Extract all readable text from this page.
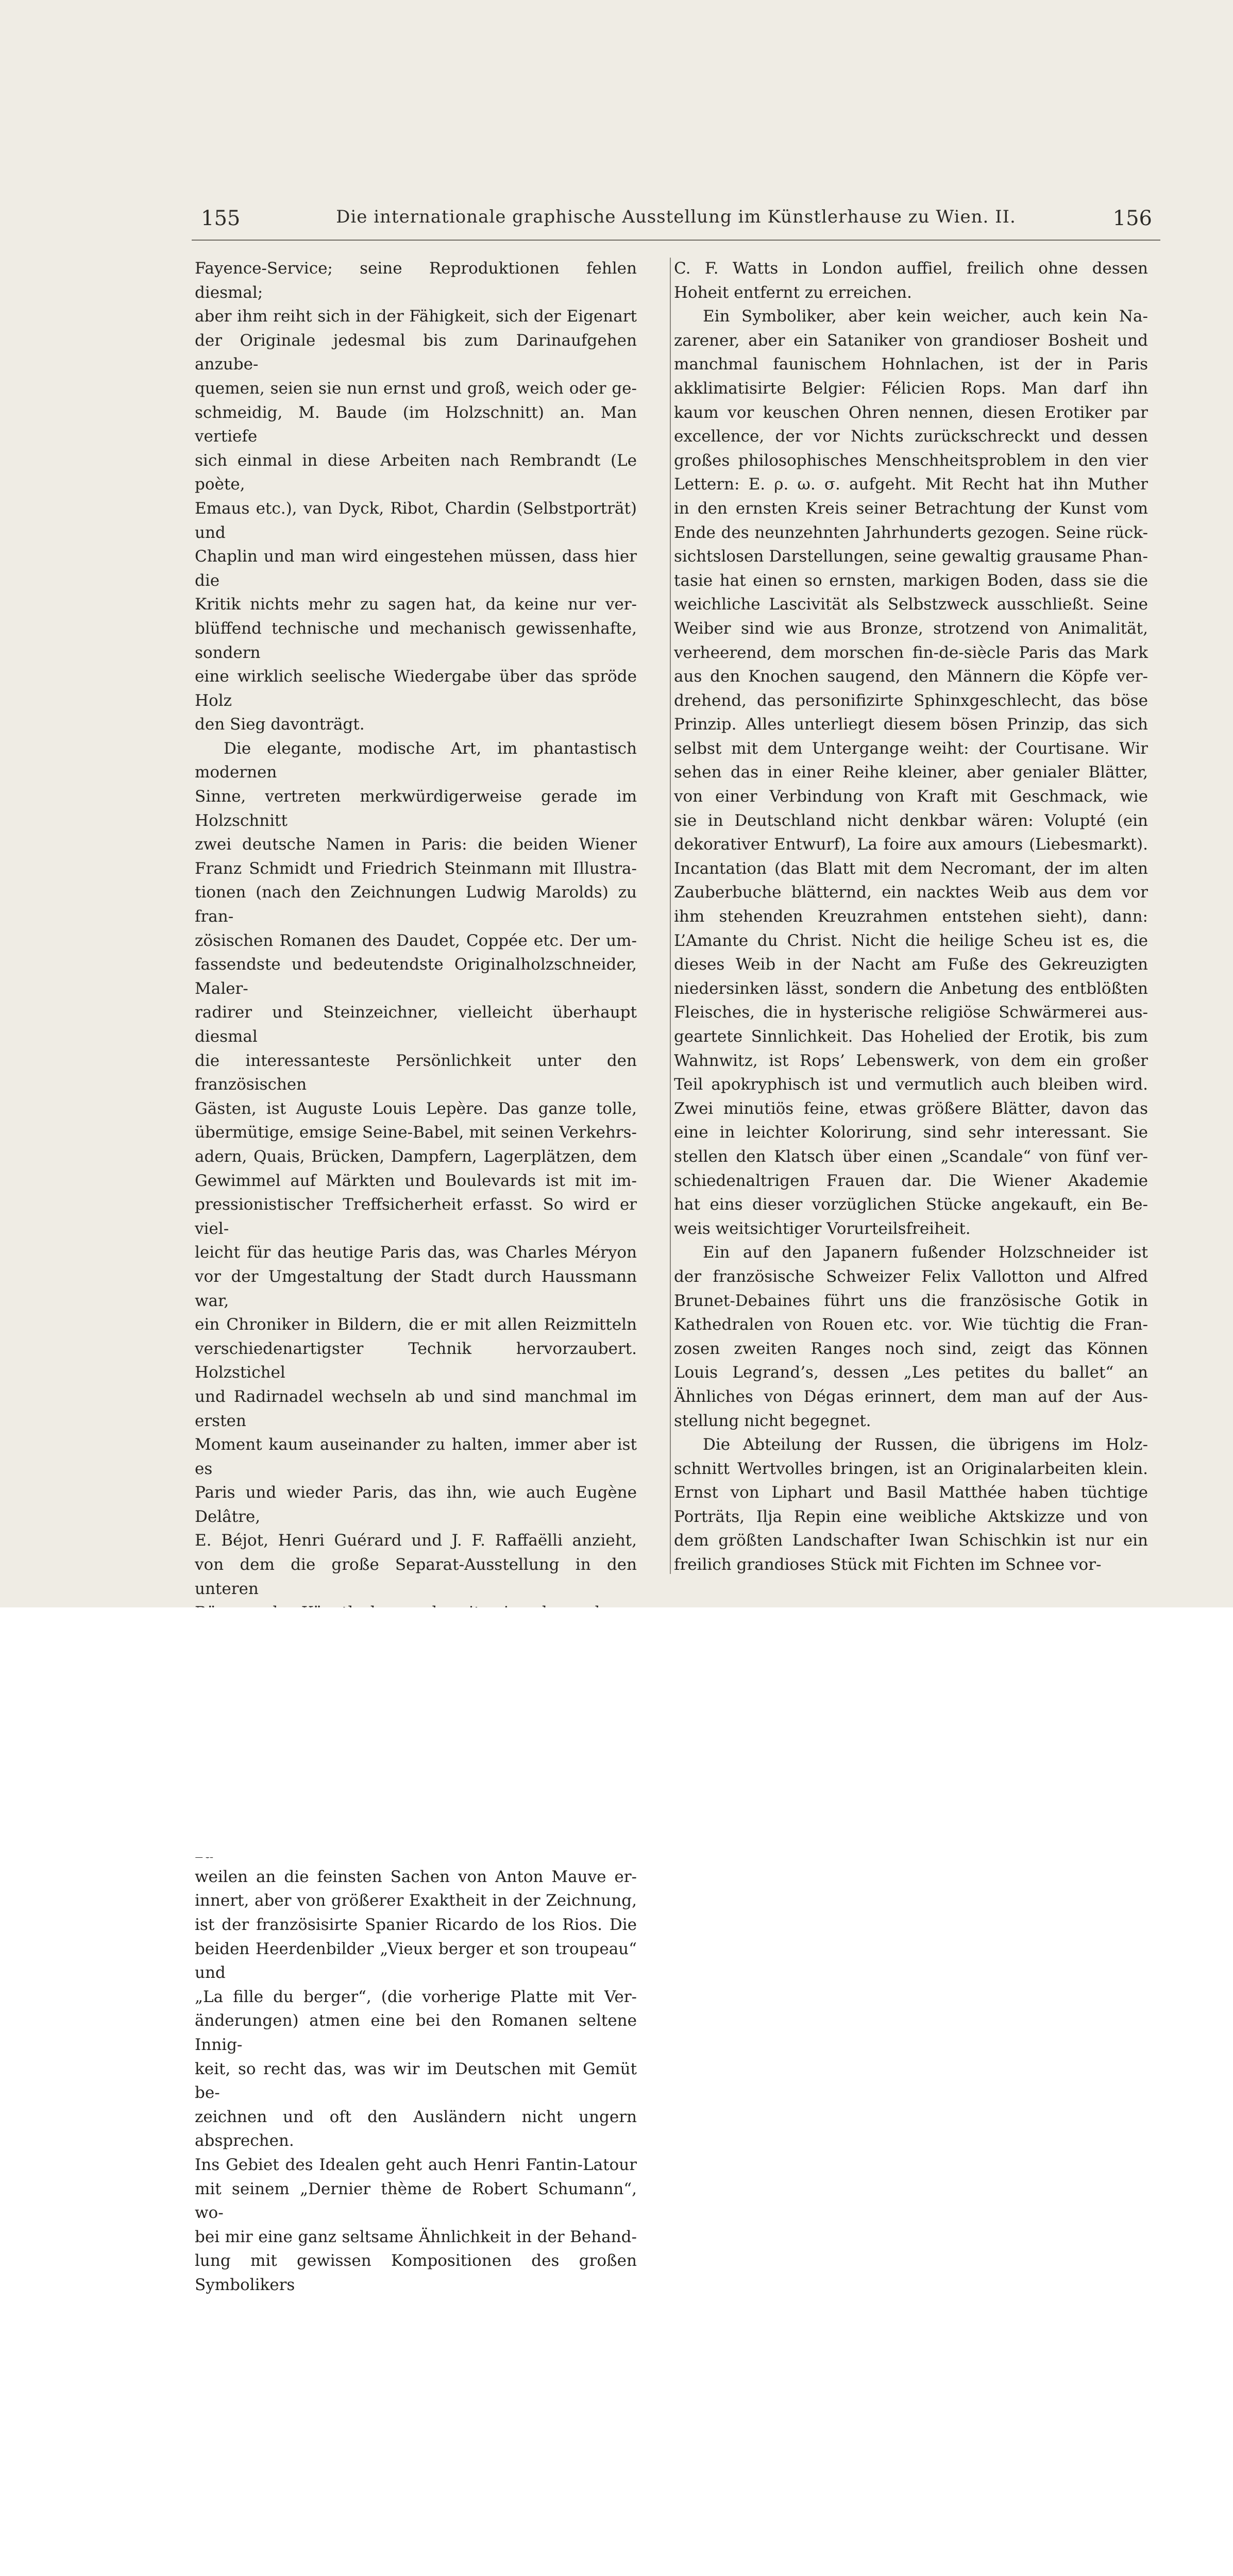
155	Die internationale graphische Ausstellung im Künstlerhause zu Wien. II.	156

Fayence-Service; seine Reproduktionen fehlen diesmal;
aber ihm reiht sich in der Fähigkeit, sich der Eigenart
der Originale jedesmal bis zum Darinaufgehen anzube-
quemen, seien sie nun ernst und groß, weich oder ge-
schmeidig, M. Baude (im Holzschnitt) an. Man vertiefe
sich einmal in diese Arbeiten nach Rembrandt (Le poète,
Emaus etc.), van Dyck, Ribot, Chardin (Selbstporträt) und
Chaplin und man wird eingestehen müssen, dass hier die
Kritik nichts mehr zu sagen hat, da keine nur ver-
blüffend technische und mechanisch gewissenhafte, sondern
eine wirklich seelische Wiedergabe über das spröde Holz
den Sieg davonträgt.

Die elegante, modische Art, im phantastisch modernen
Sinne, vertreten merkwürdigerweise gerade im Holzschnitt
zwei deutsche Namen in Paris: die beiden Wiener
Franz Schmidt und Friedrich Steinmann mit Illustra-
tionen (nach den Zeichnungen Ludwig Marolds) zu fran-
zösischen Romanen des Daudet, Coppée etc. Der um-
fassendste und bedeutendste Originalholzschneider, Maler-
radirer und Steinzeichner, vielleicht überhaupt diesmal
die interessanteste Persönlichkeit unter den französischen
Gästen, ist Auguste Louis Lepère. Das ganze tolle,
übermütige, emsige Seine-Babel, mit seinen Verkehrs-
adern, Quais, Brücken, Dampfern, Lagerplätzen, dem
Gewimmel auf Märkten und Boulevards ist mit im-
pressionistischer Treffsicherheit erfasst. So wird er viel-
leicht für das heutige Paris das, was Charles Méryon
vor der Umgestaltung der Stadt durch Haussmann war,
ein Chroniker in Bildern, die er mit allen Reizmitteln
verschiedenartigster Technik hervorzaubert. Holzstichel
und Radirnadel wechseln ab und sind manchmal im ersten
Moment kaum auseinander zu halten, immer aber ist es
Paris und wieder Paris, das ihn, wie auch Eugène Delâtre,
E. Béjot, Henri Guérard und J. F. Raffaëlli anzieht,
von dem die große Separat-Ausstellung in den unteren

weilen an die feinsten Sachen von Anton Mauve er-
innert, aber von größerer Exaktheit in der Zeichnung,
ist der französisirte Spanier Ricardo de los Rios. Die
beiden Heerdenbilder „Vieux berger et son troupeau“ und
„La fille du berger“, (die vorherige Platte mit Ver-
änderungen) atmen eine bei den Romanen seltene Innig-
keit, so recht das, was wir im Deutschen mit Gemüt be-
zeichnen und oft den Ausländern nicht ungern absprechen.
Ins Gebiet des Idealen geht auch Henri Fantin-Latour
mit seinem „Dernier thème de Robert Schumann“, wo-
bei mir eine ganz seltsame Ähnlichkeit in der Behand-
lung mit gewissen Kompositionen des großen Symbolikers

C. F. Watts in London auffiel, freilich ohne dessen
Hoheit entfernt zu erreichen.

Ein Symboliker, aber kein weicher, auch kein Na-
zarener, aber ein Sataniker von grandioser Bosheit und
manchmal faunischem Hohnlachen, ist der in Paris
akklimatisirte Belgier: Félicien Rops. Man darf ihn
kaum vor keuschen Ohren nennen, diesen Erotiker par
excellence, der vor Nichts zurückschreckt und dessen
großes philosophisches Menschheitsproblem in den vier
Lettern: E. ρ. ω. σ. aufgeht. Mit Recht hat ihn Muther
in den ernsten Kreis seiner Betrachtung der Kunst vom
Ende des neunzehnten Jahrhunderts gezogen. Seine rück-
sichtslosen Darstellungen, seine gewaltig grausame Phan-
tasie hat einen so ernsten, markigen Boden, dass sie die
weichliche Lascivität als Selbstzweck ausschließt. Seine
Weiber sind wie aus Bronze, strotzend von Animalität,
verheerend, dem morschen fin-de-siècle Paris das Mark
aus den Knochen saugend, den Männern die Köpfe ver-
drehend, das personifizirte Sphinxgeschlecht, das böse
Prinzip. Alles unterliegt diesem bösen Prinzip, das sich
selbst mit dem Untergange weiht: der Courtisane. Wir
sehen das in einer Reihe kleiner, aber genialer Blätter,
von einer Verbindung von Kraft mit Geschmack, wie
sie in Deutschland nicht denkbar wären: Volupté (ein
dekorativer Entwurf), La foire aux amours (Liebesmarkt).
Incantation (das Blatt mit dem Necromant, der im alten
Zauberbuche blätternd, ein nacktes Weib aus dem vor
ihm stehenden Kreuzrahmen entstehen sieht), dann:
L’Amante du Christ. Nicht die heilige Scheu ist es, die
dieses Weib in der Nacht am Fuße des Gekreuzigten
niedersinken lässt, sondern die Anbetung des entblößten
Fleisches, die in hysterische religiöse Schwärmerei aus-
geartete Sinnlichkeit. Das Hohelied der Erotik, bis zum
Wahnwitz, ist Rops’ Lebenswerk, von dem ein großer
Teil apokryphisch ist und vermutlich auch bleiben wird.
Zwei minutiös feine, etwas größere Blätter, davon das
eine in leichter Kolorirung, sind sehr interessant. Sie
stellen den Klatsch über einen „Scandale“ von fünf ver-
schiedenaltrigen Frauen dar. Die Wiener Akademie
hat eins dieser vorzüglichen Stücke angekauft, ein Be-
weis weitsichtiger Vorurteilsfreiheit.

Ein auf den Japanern fußender Holzschneider ist
der französische Schweizer Felix Vallotton und Alfred
Brunet-Debaines führt uns die französische Gotik in
Kathedralen von Rouen etc. vor. Wie tüchtig die Fran-
zosen zweiten Ranges noch sind, zeigt das Können
Louis Legrand’s, dessen „Les petites du ballet“ an
Ähnliches von Dégas erinnert, dem man auf der Aus-
stellung nicht begegnet.

Die Abteilung der Russen, die übrigens im Holz-
schnitt Wertvolles bringen, ist an Originalarbeiten klein.
Ernst von Liphart und Basil Matthée haben tüchtige
Porträts, Ilja Repin eine weibliche Aktskizze und von
dem größten Landschafter Iwan Schischkin ist nur ein
freilich grandioses Stück mit Fichten im Schnee vor-
